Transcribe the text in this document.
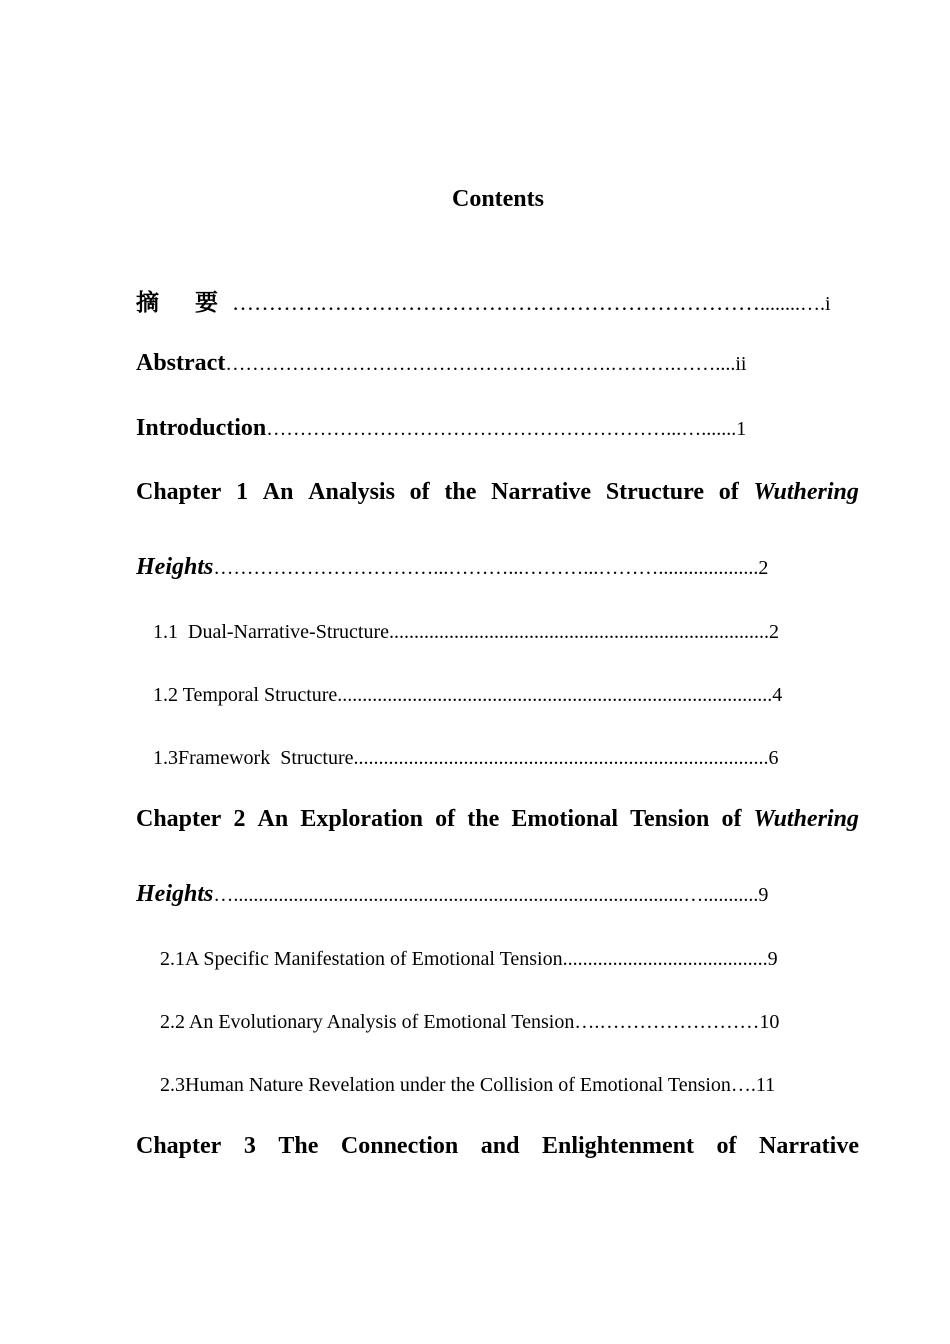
Contents
摘 要………………………………………………………………........….i
Abstract………………………………………………….……….……....ii
Introduction……………………………………………………...….......1
Chapter 1 An Analysis of the Narrative Structure of Wuthering
Heights……………………………...………...………...………....................2
1.1  Dual-Narrative-Structure............................................................................2
1.2 Temporal Structure.......................................................................................4
1.3Framework  Structure...................................................................................6
Chapter 2 An Exploration of the Emotional Tension of Wuthering
Heights…..........................................................................................…...........9
2.1A Specific Manifestation of Emotional Tension.........................................9
2.2 An Evolutionary Analysis of Emotional Tension….……………………10
2.3Human Nature Revelation under the Collision of Emotional Tension….11
Chapter 3 The Connection and Enlightenment of Narrative
